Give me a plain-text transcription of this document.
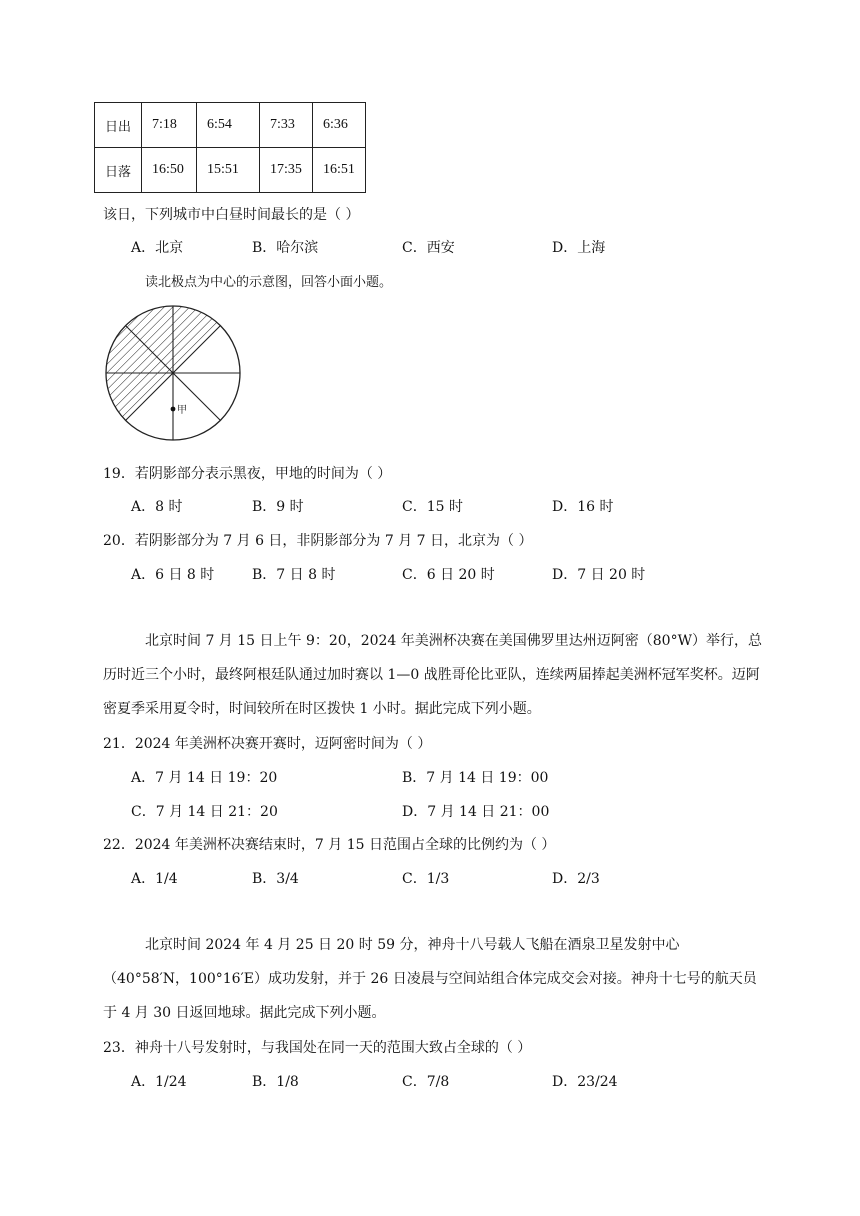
日出	7:18	6:54	7:33	6:36
日落	16:50	15:51	17:35	16:51
该日，下列城市中白昼时间最长的是（ ）
A．北京	B．哈尔滨	C．西安	D．上海
读北极点为中心的示意图，回答小面小题。
甲
19．若阴影部分表示黑夜，甲地的时间为（ ）
A．8 时	B．9 时	C．15 时	D．16 时
20．若阴影部分为 7 月 6 日，非阴影部分为 7 月 7 日，北京为（ ）
A．6 日 8 时	B．7 日 8 时	C．6 日 20 时	D．7 日 20 时
北京时间 7 月 15 日上午 9：20，2024 年美洲杯决赛在美国佛罗里达州迈阿密（80°W）举行，总历时近三个小时，最终阿根廷队通过加时赛以 1—0 战胜哥伦比亚队，连续两届捧起美洲杯冠军奖杯。迈阿密夏季采用夏令时，时间较所在时区拨快 1 小时。据此完成下列小题。
21．2024 年美洲杯决赛开赛时，迈阿密时间为（ ）
A．7 月 14 日 19：20	B．7 月 14 日 19：00
C．7 月 14 日 21：20	D．7 月 14 日 21：00
22．2024 年美洲杯决赛结束时，7 月 15 日范围占全球的比例约为（ ）
A．1/4	B．3/4	C．1/3	D．2/3
北京时间 2024 年 4 月 25 日 20 时 59 分，神舟十八号载人飞船在酒泉卫星发射中心（40°58′N，100°16′E）成功发射，并于 26 日凌晨与空间站组合体完成交会对接。神舟十七号的航天员于 4 月 30 日返回地球。据此完成下列小题。
23．神舟十八号发射时，与我国处在同一天的范围大致占全球的（ ）
A．1/24	B．1/8	C．7/8	D．23/24
